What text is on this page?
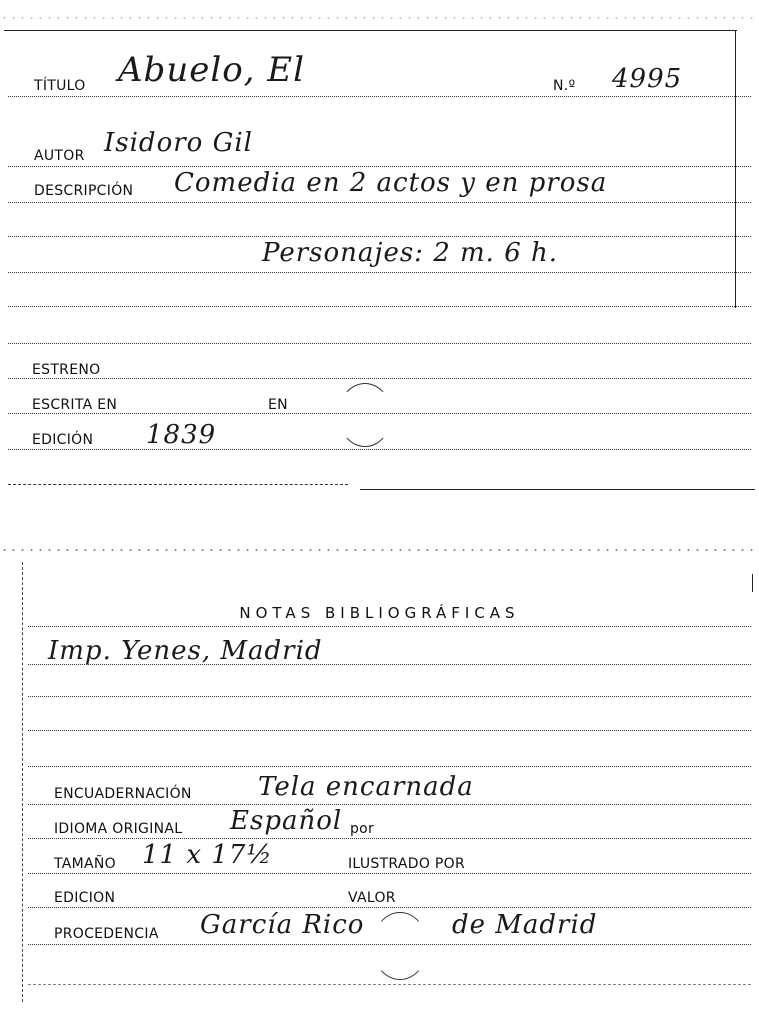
TÍTULO Abuelo, El	N.º 4995
AUTOR Isidoro Gil
DESCRIPCIÓN Comedia en 2 actos y en prosa
Personajes: 2 m. 6 h.
ESTRENO
ESCRITA EN	EN
EDICIÓN 1839
NOTAS BIBLIOGRÁFICAS
Imp. Yenes, Madrid
ENCUADERNACIÓN	Tela encarnada
IDIOMA ORIGINAL Español por
TAMAÑO 11 x 17½	ILUSTRADO POR
EDICION	VALOR
PROCEDENCIA García Rico	de Madrid
